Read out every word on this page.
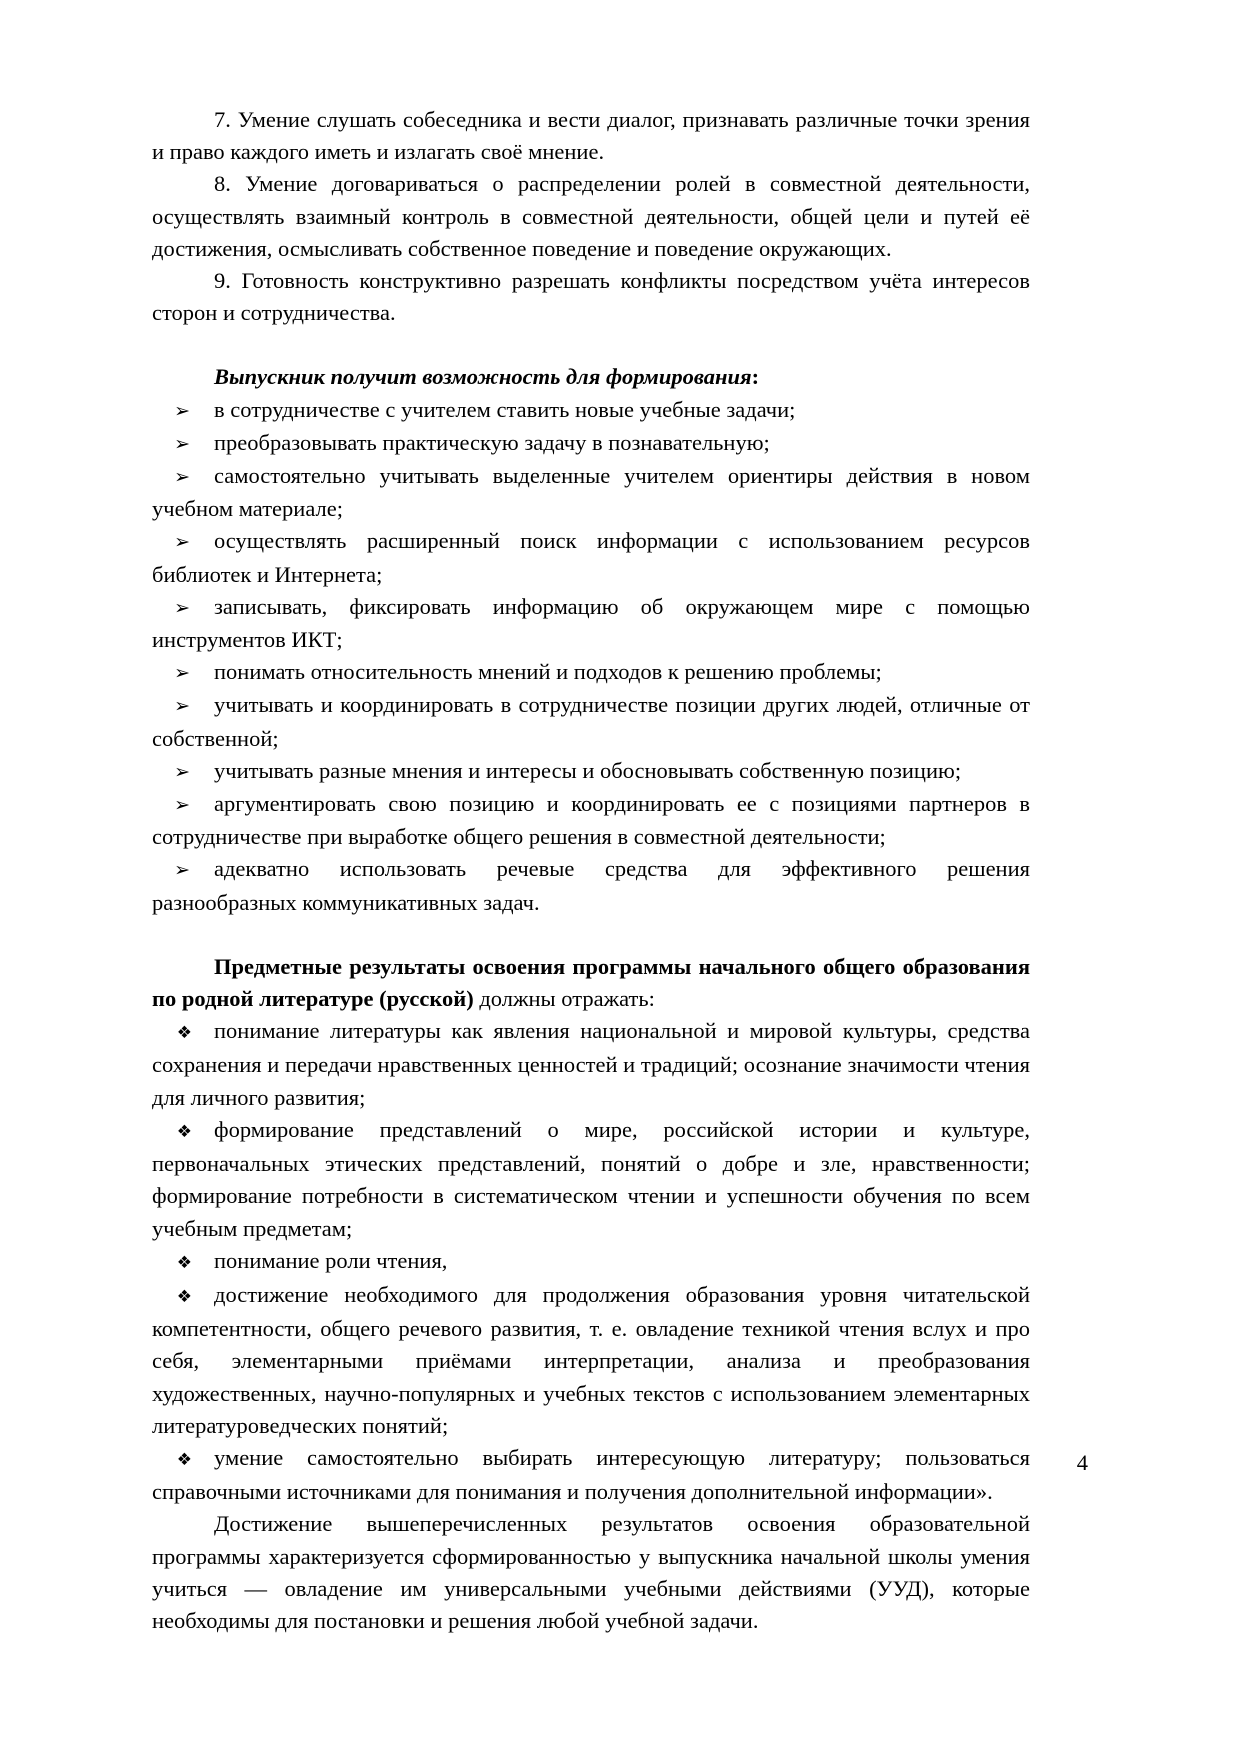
7. Умение слушать собеседника и вести диалог, признавать различные точки зрения и право каждого иметь и излагать своё мнение.

8. Умение договариваться о распределении ролей в совместной деятельности, осуществлять взаимный контроль в совместной деятельности, общей цели и путей её достижения, осмысливать собственное поведение и поведение окружающих.

9. Готовность конструктивно разрешать конфликты посредством учёта интересов сторон и сотрудничества.

Выпускник получит возможность для формирования:

➢ в сотрудничестве с учителем ставить новые учебные задачи;

➢ преобразовывать практическую задачу в познавательную;

➢ самостоятельно учитывать выделенные учителем ориентиры действия в новом учебном материале;

➢ осуществлять расширенный поиск информации с использованием ресурсов библиотек и Интернета;

➢ записывать, фиксировать информацию об окружающем мире с помощью инструментов ИКТ;

➢ понимать относительность мнений и подходов к решению проблемы;

➢ учитывать и координировать в сотрудничестве позиции других людей, отличные от собственной;

➢ учитывать разные мнения и интересы и обосновывать собственную позицию;

➢ аргументировать свою позицию и координировать ее с позициями партнеров в сотрудничестве при выработке общего решения в совместной деятельности;

➢ адекватно использовать речевые средства для эффективного решения разнообразных коммуникативных задач.

Предметные результаты освоения программы начального общего образования по родной литературе (русской) должны отражать:

❖ понимание литературы как явления национальной и мировой культуры, средства сохранения и передачи нравственных ценностей и традиций; осознание значимости чтения для личного развития;

❖ формирование представлений о мире, российской истории и культуре, первоначальных этических представлений, понятий о добре и зле, нравственности; формирование потребности в систематическом чтении и успешности обучения по всем учебным предметам;

❖ понимание роли чтения,

❖ достижение необходимого для продолжения образования уровня читательской компетентности, общего речевого развития, т. е. овладение техникой чтения вслух и про себя, элементарными приёмами интерпретации, анализа и преобразования художественных, научно-популярных и учебных текстов с использованием элементарных литературоведческих понятий;

❖ умение самостоятельно выбирать интересующую литературу; пользоваться справочными источниками для понимания и получения дополнительной информации».

Достижение вышеперечисленных результатов освоения образовательной программы характеризуется сформированностью у выпускника начальной школы умения учиться — овладение им универсальными учебными действиями (УУД), которые необходимы для постановки и решения любой учебной задачи.

4
